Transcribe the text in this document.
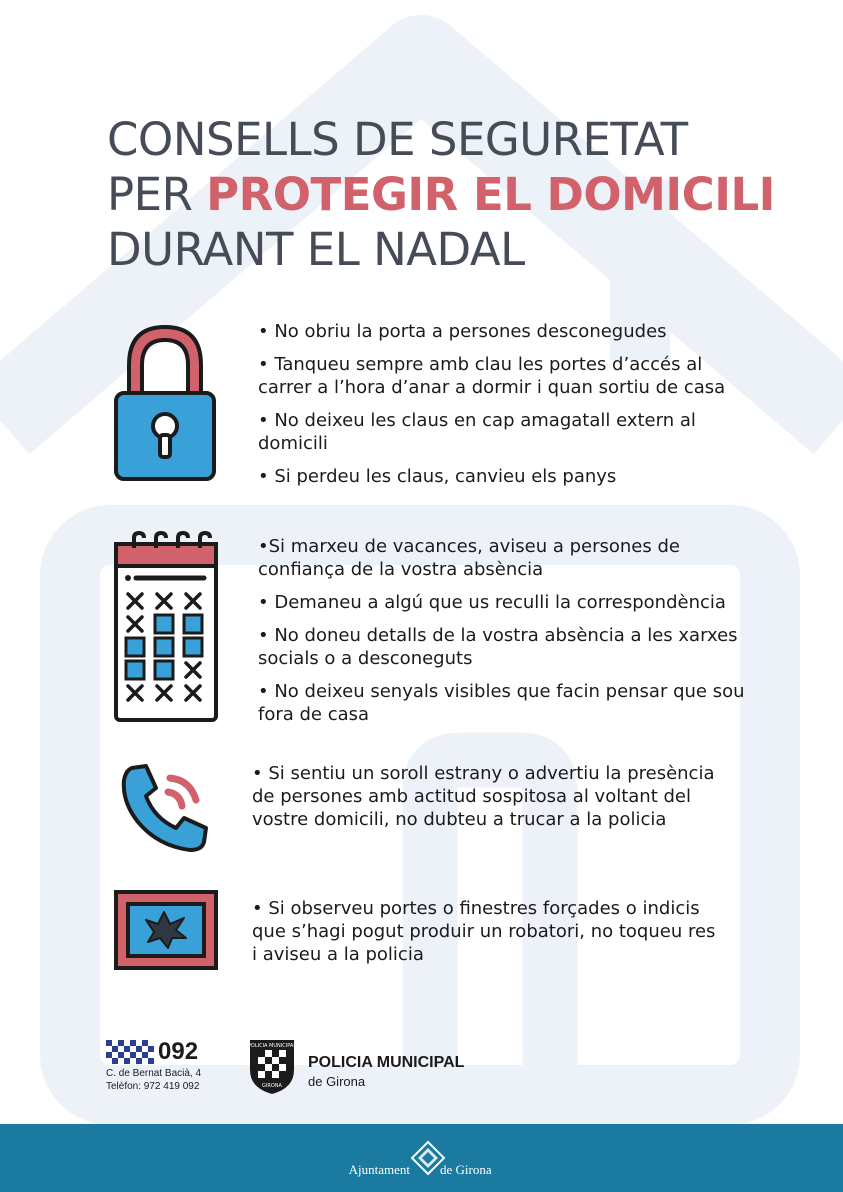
CONSELLS DE SEGURETAT
PER PROTEGIR EL DOMICILI
DURANT EL NADAL

• No obriu la porta a persones desconegudes

• Tanqueu sempre amb clau les portes d’accés al carrer a l’hora d’anar a dormir i quan sortiu de casa

• No deixeu les claus en cap amagatall extern al domicili

• Si perdeu les claus, canvieu els panys

•Si marxeu de vacances, aviseu a persones de confiança de la vostra absència

• Demaneu a algú que us reculli la correspondència

• No doneu detalls de la vostra absència a les xarxes socials o a desconeguts

• No deixeu senyals visibles que facin pensar que sou fora de casa

• Si sentiu un soroll estrany o advertiu la presència de persones amb actitud sospitosa al voltant del vostre domicili, no dubteu a trucar a la policia

• Si observeu portes o finestres forçades o indicis que s’hagi pogut produir un robatori, no toqueu res i aviseu a la policia

092
C. de Bernat Bacià, 4
Telèfon: 972 419 092
POLICIA MUNICIPAL
GIRONA
POLICIA MUNICIPAL
de Girona
Ajuntament de Girona
